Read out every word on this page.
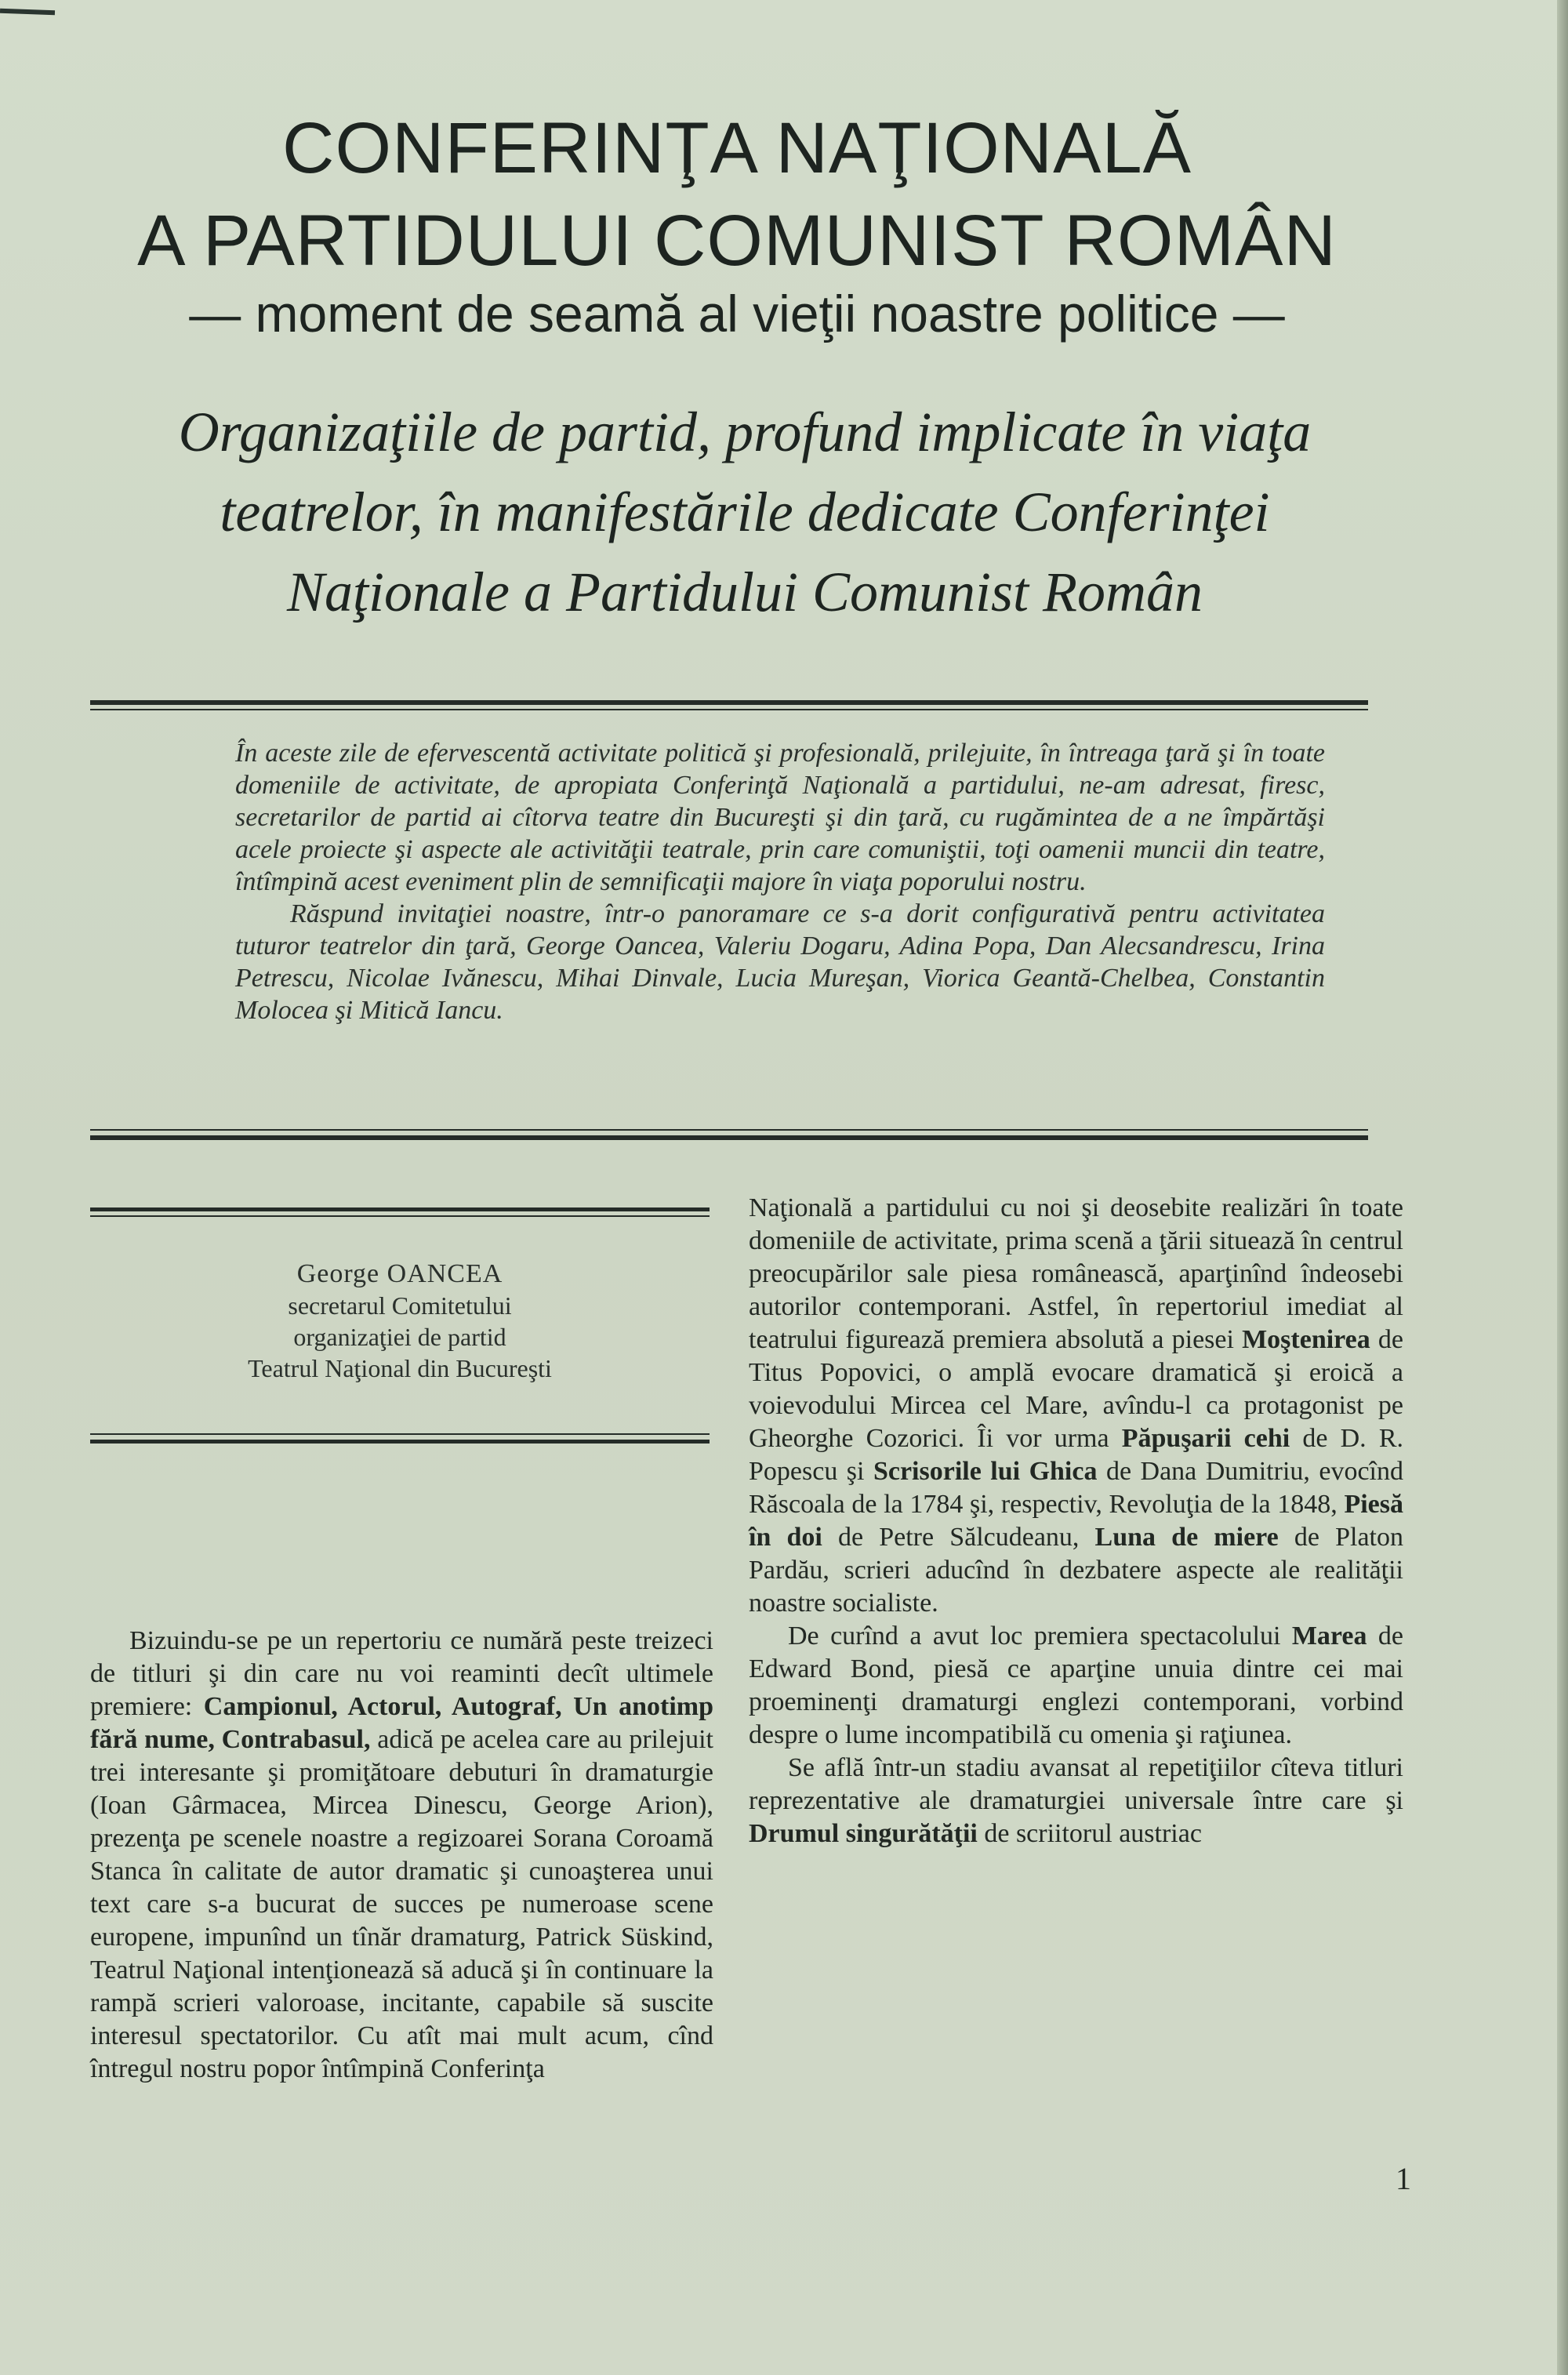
CONFERINŢA NAŢIONALĂ
A PARTIDULUI COMUNIST ROMÂN
— moment de seamă al vieţii noastre politice —
Organizaţiile de partid, profund implicate în viaţa teatrelor, în manifestările dedicate Conferinţei Naţionale a Partidului Comunist Român

În aceste zile de efervescentă activitate politică şi profesională, prilejuite, în întreaga ţară şi în toate domeniile de activitate, de apropiata Conferinţă Naţională a partidului, ne-am adresat, firesc, secretarilor de partid ai cîtorva teatre din Bucureşti şi din ţară, cu rugămintea de a ne împărtăşi acele proiecte şi aspecte ale activităţii teatrale, prin care comuniştii, toţi oamenii muncii din teatre, întîmpină acest eveniment plin de semnificaţii majore în viaţa poporului nostru.

Răspund invitaţiei noastre, într-o panoramare ce s-a dorit configurativă pentru activitatea tuturor teatrelor din ţară, George Oancea, Valeriu Dogaru, Adina Popa, Dan Alecsandrescu, Irina Petrescu, Nicolae Ivănescu, Mihai Dinvale, Lucia Mureşan, Viorica Geantă-Chelbea, Constantin Molocea şi Mitică Iancu.

George OANCEA
secretarul Comitetului
organizaţiei de partid
Teatrul Naţional din Bucureşti

Bizuindu-se pe un repertoriu ce numără peste treizeci de titluri şi din care nu voi reaminti decît ultimele premiere: Campionul, Actorul, Autograf, Un anotimp fără nume, Contrabasul, adică pe acelea care au prilejuit trei interesante şi promiţătoare debuturi în dramaturgie (Ioan Gârmacea, Mircea Dinescu, George Arion), prezenţa pe scenele noastre a regizoarei Sorana Coroamă Stanca în calitate de autor dramatic şi cunoaşterea unui text care s-a bucurat de succes pe numeroase scene europene, impunînd un tînăr dramaturg, Patrick Süskind, Teatrul Naţional intenţionează să aducă şi în continuare la rampă scrieri valoroase, incitante, capabile să suscite interesul spectatorilor. Cu atît mai mult acum, cînd întregul nostru popor întîmpină Conferinţa

Naţională a partidului cu noi şi deosebite realizări în toate domeniile de activitate, prima scenă a ţării situează în centrul preocupărilor sale piesa românească, aparţinînd îndeosebi autorilor contemporani. Astfel, în repertoriul imediat al teatrului figurează premiera absolută a piesei Moştenirea de Titus Popovici, o amplă evocare dramatică şi eroică a voievodului Mircea cel Mare, avîndu-l ca protagonist pe Gheorghe Cozorici. Îi vor urma Păpuşarii cehi de D. R. Popescu şi Scrisorile lui Ghica de Dana Dumitriu, evocînd Răscoala de la 1784 şi, respectiv, Revoluţia de la 1848, Piesă în doi de Petre Sălcudeanu, Luna de miere de Platon Pardău, scrieri aducînd în dezbatere aspecte ale realităţii noastre socialiste.

De curînd a avut loc premiera spectacolului Marea de Edward Bond, piesă ce aparţine unuia dintre cei mai proeminenţi dramaturgi englezi contemporani, vorbind despre o lume incompatibilă cu omenia şi raţiunea.

Se află într-un stadiu avansat al repetiţiilor cîteva titluri reprezentative ale dramaturgiei universale între care şi Drumul singurătăţii de scriitorul austriac

1
